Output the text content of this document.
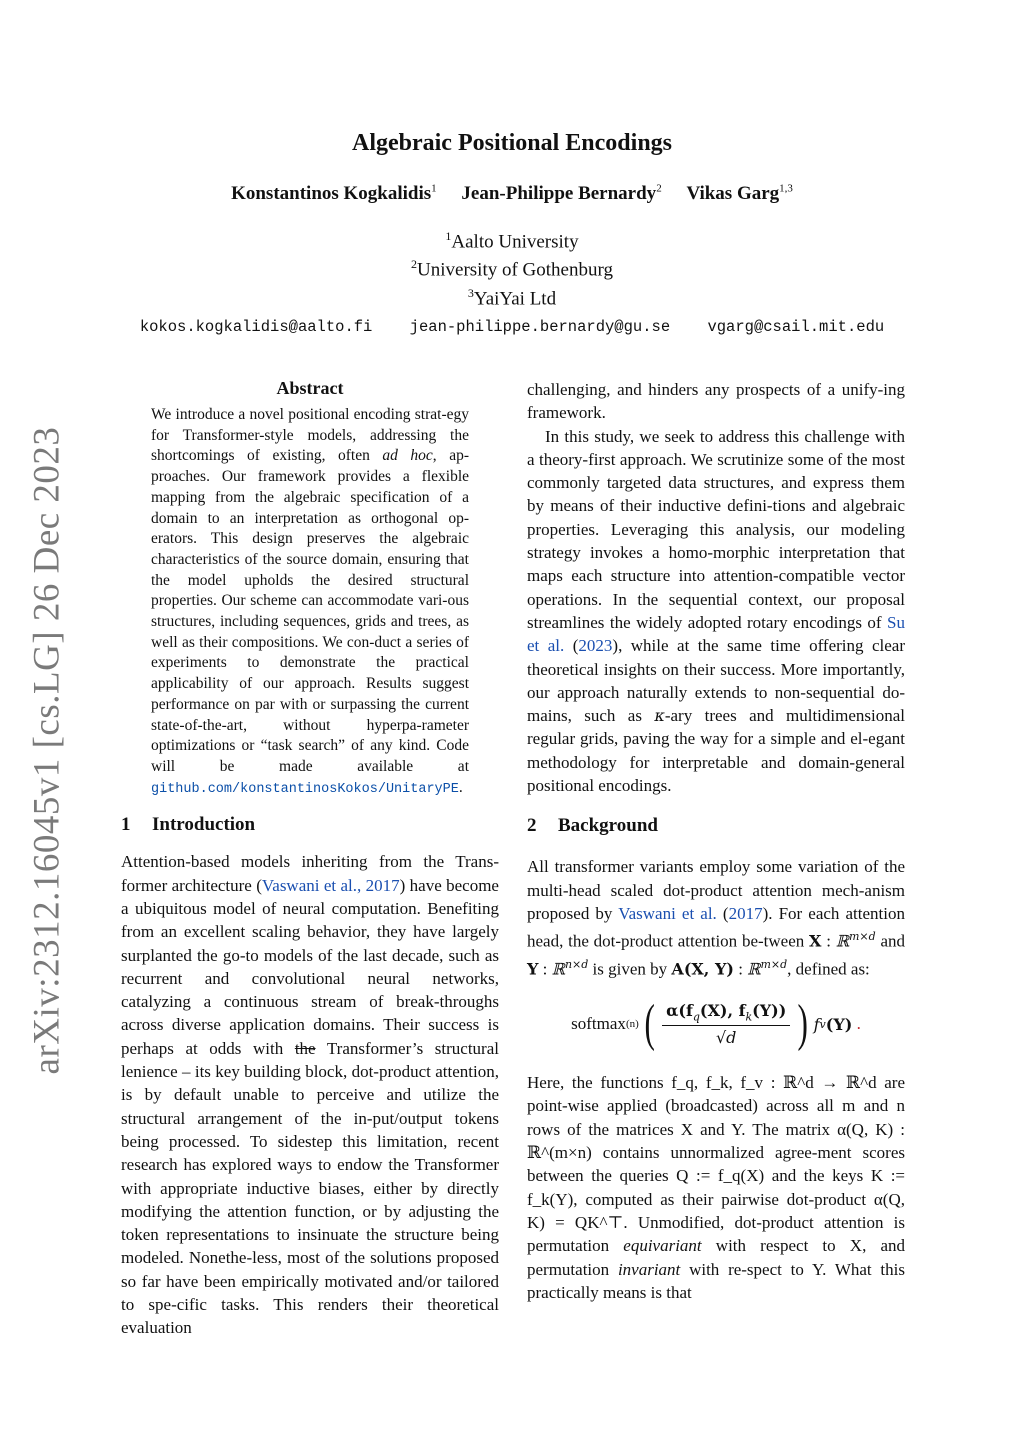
arXiv:2312.16045v1 [cs.LG] 26 Dec 2023
Algebraic Positional Encodings
Konstantinos Kogkalidis$^1$ Jean-Philippe Bernardy$^2$ Vikas Garg$^{1,3}$
$^1$Aalto University
$^2$University of Gothenburg
$^3$YaiYai Ltd
kokos.kogkalidis@aalto.fi jean-philippe.bernardy@gu.se vgarg@csail.mit.edu

Abstract

We introduce a novel positional encoding strat-egy for Transformer-style models, addressing the shortcomings of existing, often ad hoc, ap-proaches. Our framework provides a flexible mapping from the algebraic specification of a domain to an interpretation as orthogonal op-erators. This design preserves the algebraic characteristics of the source domain, ensuring that the model upholds the desired structural properties. Our scheme can accommodate vari-ous structures, including sequences, grids and trees, as well as their compositions. We con-duct a series of experiments to demonstrate the practical applicability of our approach. Results suggest performance on par with or surpassing the current state-of-the-art, without hyperpa-rameter optimizations or “task search” of any kind. Code will be made available at github.com/konstantinosKokos/UnitaryPE.

1 Introduction

Attention-based models inheriting from the Trans-former architecture (Vaswani et al., 2017) have become a ubiquitous model of neural computation. Benefiting from an excellent scaling behavior, they have largely surplanted the go-to models of the last decade, such as recurrent and convolutional neural networks, catalyzing a continuous stream of break-throughs across diverse application domains. Their success is perhaps at odds with the Transformer’s structural lenience – its key building block, dot-product attention, is by default unable to perceive and utilize the structural arrangement of the in-put/output tokens being processed. To sidestep this limitation, recent research has explored ways to endow the Transformer with appropriate inductive biases, either by directly modifying the attention function, or by adjusting the token representations to insinuate the structure being modeled. Nonethe-less, most of the solutions proposed so far have been empirically motivated and/or tailored to spe-cific tasks. This renders their theoretical evaluation

challenging, and hinders any prospects of a unify-ing framework.

In this study, we seek to address this challenge with a theory-first approach. We scrutinize some of the most commonly targeted data structures, and express them by means of their inductive defini-tions and algebraic properties. Leveraging this analysis, our modeling strategy invokes a homo-morphic interpretation that maps each structure into attention-compatible vector operations. In the sequential context, our proposal streamlines the widely adopted rotary encodings of Su et al. (2023), while at the same time offering clear theoretical insights on their success. More importantly, our approach naturally extends to non-sequential do-mains, such as κ-ary trees and multidimensional regular grids, paving the way for a simple and el-egant methodology for interpretable and domain-general positional encodings.

2 Background

All transformer variants employ some variation of the multi-head scaled dot-product attention mech-anism proposed by Vaswani et al. (2017). For each attention head, the dot-product attention be-tween X : ℝ$^{m\times d}$ and Y : ℝ$^{n\times d}$ is given by A(X, Y) : ℝ$^{m\times d}$, defined as:

softmax (n) ( $\frac{\alpha(f_q(X), f_k(Y))}{√d}$ ) f v (Y)
.

Here, the functions f_q, f_k, f_v : ℝ^d → ℝ^d are point-wise applied (broadcasted) across all m and n rows of the matrices X and Y. The matrix α(Q, K) : ℝ^(m×n) contains unnormalized agree-ment scores between the queries Q := f_q(X) and the keys K := f_k(Y), computed as their pairwise dot-product α(Q, K) = QK^⊤. Unmodified, dot-product attention is permutation equivariant with respect to X, and permutation invariant with re-spect to Y. What this practically means is that
